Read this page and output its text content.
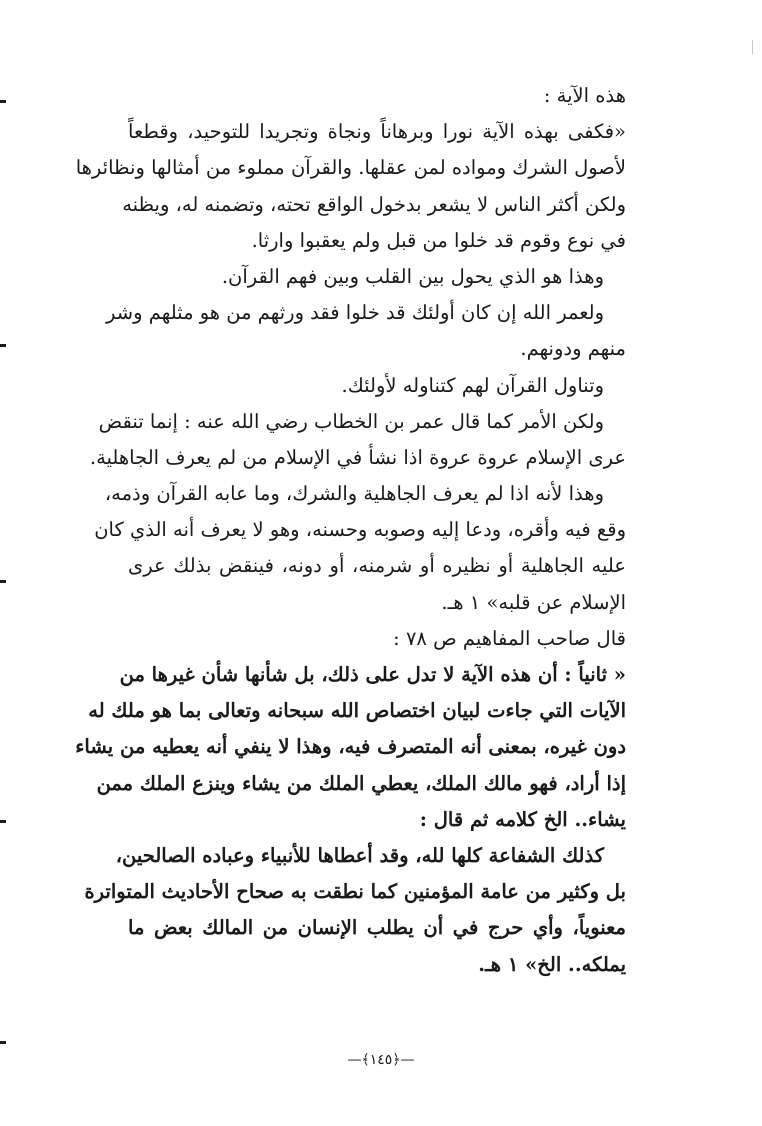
هذه الآية :
«فكفى بهذه الآية نورا وبرهاناً ونجاة وتجريدا للتوحيد، وقطعاً
لأصول الشرك ومواده لمن عقلها. والقرآن مملوء من أمثالها ونظائرها
ولكن أكثر الناس لا يشعر بدخول الواقع تحته، وتضمنه له، ويظنه
في نوع وقوم قد خلوا من قبل ولم يعقبوا وارثا.
وهذا هو الذي يحول بين القلب وبين فهم القرآن.
ولعمر الله إن كان أولئك قد خلوا فقد ورثهم من هو مثلهم وشر
منهم ودونهم.
وتناول القرآن لهم كتناوله لأولئك.
ولكن الأمر كما قال عمر بن الخطاب رضي الله عنه : إنما تنقض
عرى الإسلام عروة عروة اذا نشأ في الإسلام من لم يعرف الجاهلية.
وهذا لأنه اذا لم يعرف الجاهلية والشرك، وما عابه القرآن وذمه،
وقع فيه وأقره، ودعا إليه وصوبه وحسنه، وهو لا يعرف أنه الذي كان
عليه الجاهلية أو نظيره أو شرمنه، أو دونه، فينقض بذلك عرى
الإسلام عن قلبه» ١ هـ.
قال صاحب المفاهيم ص ٧٨ :
« ثانياً : أن هذه الآية لا تدل على ذلك، بل شأنها شأن غيرها من
الآيات التي جاءت لبيان اختصاص الله سبحانه وتعالى بما هو ملك له
دون غيره، بمعنى أنه المتصرف فيه، وهذا لا ينفي أنه يعطيه من يشاء
إذا أراد، فهو مالك الملك، يعطي الملك من يشاء وينزع الملك ممن
يشاء.. الخ كلامه ثم قال :
كذلك الشفاعة كلها لله، وقد أعطاها للأنبياء وعباده الصالحين،
بل وكثير من عامة المؤمنين كما نطقت به صحاح الأحاديث المتواترة
معنوياً، وأي حرج في أن يطلب الإنسان من المالك بعض ما
يملكه.. الخ» ١ هـ.
—﴿١٤٥﴾—
